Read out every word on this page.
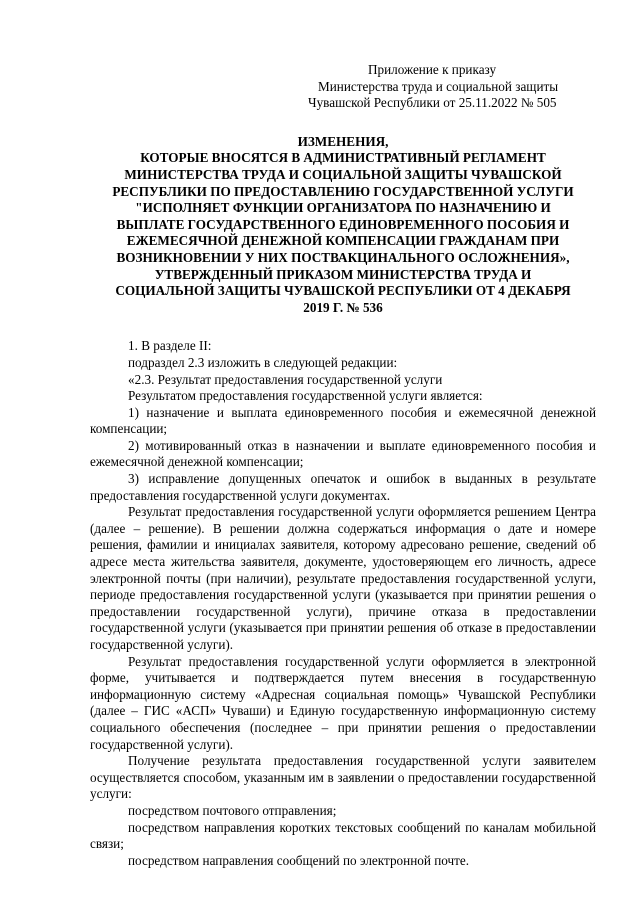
Приложение к приказу
Министерства труда и социальной защиты
Чувашской Республики от 25.11.2022 № 505
ИЗМЕНЕНИЯ,
КОТОРЫЕ ВНОСЯТСЯ В АДМИНИСТРАТИВНЫЙ РЕГЛАМЕНТ
МИНИСТЕРСТВА ТРУДА И СОЦИАЛЬНОЙ ЗАЩИТЫ ЧУВАШСКОЙ
РЕСПУБЛИКИ ПО ПРЕДОСТАВЛЕНИЮ ГОСУДАРСТВЕННОЙ УСЛУГИ
"ИСПОЛНЯЕТ ФУНКЦИИ ОРГАНИЗАТОРА ПО НАЗНАЧЕНИЮ И
ВЫПЛАТЕ ГОСУДАРСТВЕННОГО ЕДИНОВРЕМЕННОГО ПОСОБИЯ И
ЕЖЕМЕСЯЧНОЙ ДЕНЕЖНОЙ КОМПЕНСАЦИИ ГРАЖДАНАМ ПРИ
ВОЗНИКНОВЕНИИ У НИХ ПОСТВАКЦИНАЛЬНОГО ОСЛОЖНЕНИЯ»,
УТВЕРЖДЕННЫЙ ПРИКАЗОМ МИНИСТЕРСТВА ТРУДА И
СОЦИАЛЬНОЙ ЗАЩИТЫ ЧУВАШСКОЙ РЕСПУБЛИКИ ОТ 4 ДЕКАБРЯ
2019 Г. № 536

1. В разделе II:

подраздел 2.3 изложить в следующей редакции:

«2.3. Результат предоставления государственной услуги

Результатом предоставления государственной услуги является:

1) назначение и выплата единовременного пособия и ежемесячной денежной компенсации;

2) мотивированный отказ в назначении и выплате единовременного пособия и ежемесячной денежной компенсации;

3) исправление допущенных опечаток и ошибок в выданных в результате предоставления государственной услуги документах.

Результат предоставления государственной услуги оформляется решением Центра (далее – решение). В решении должна содержаться информация о дате и номере решения, фамилии и инициалах заявителя, которому адресовано решение, сведений об адресе места жительства заявителя, документе, удостоверяющем его личность, адресе электронной почты (при наличии), результате предоставления государственной услуги, периоде предоставления государственной услуги (указывается при принятии решения о предоставлении государственной услуги), причине отказа в предоставлении государственной услуги (указывается при принятии решения об отказе в предоставлении государственной услуги).

Результат предоставления государственной услуги оформляется в электронной форме, учитывается и подтверждается путем внесения в государственную информационную систему «Адресная социальная помощь» Чувашской Республики (далее – ГИС «АСП» Чуваши) и Единую государственную информационную систему социального обеспечения (последнее – при принятии решения о предоставлении государственной услуги).

Получение результата предоставления государственной услуги заявителем осуществляется способом, указанным им в заявлении о предоставлении государственной услуги:

посредством почтового отправления;

посредством направления коротких текстовых сообщений по каналам мобильной связи;

посредством направления сообщений по электронной почте.
